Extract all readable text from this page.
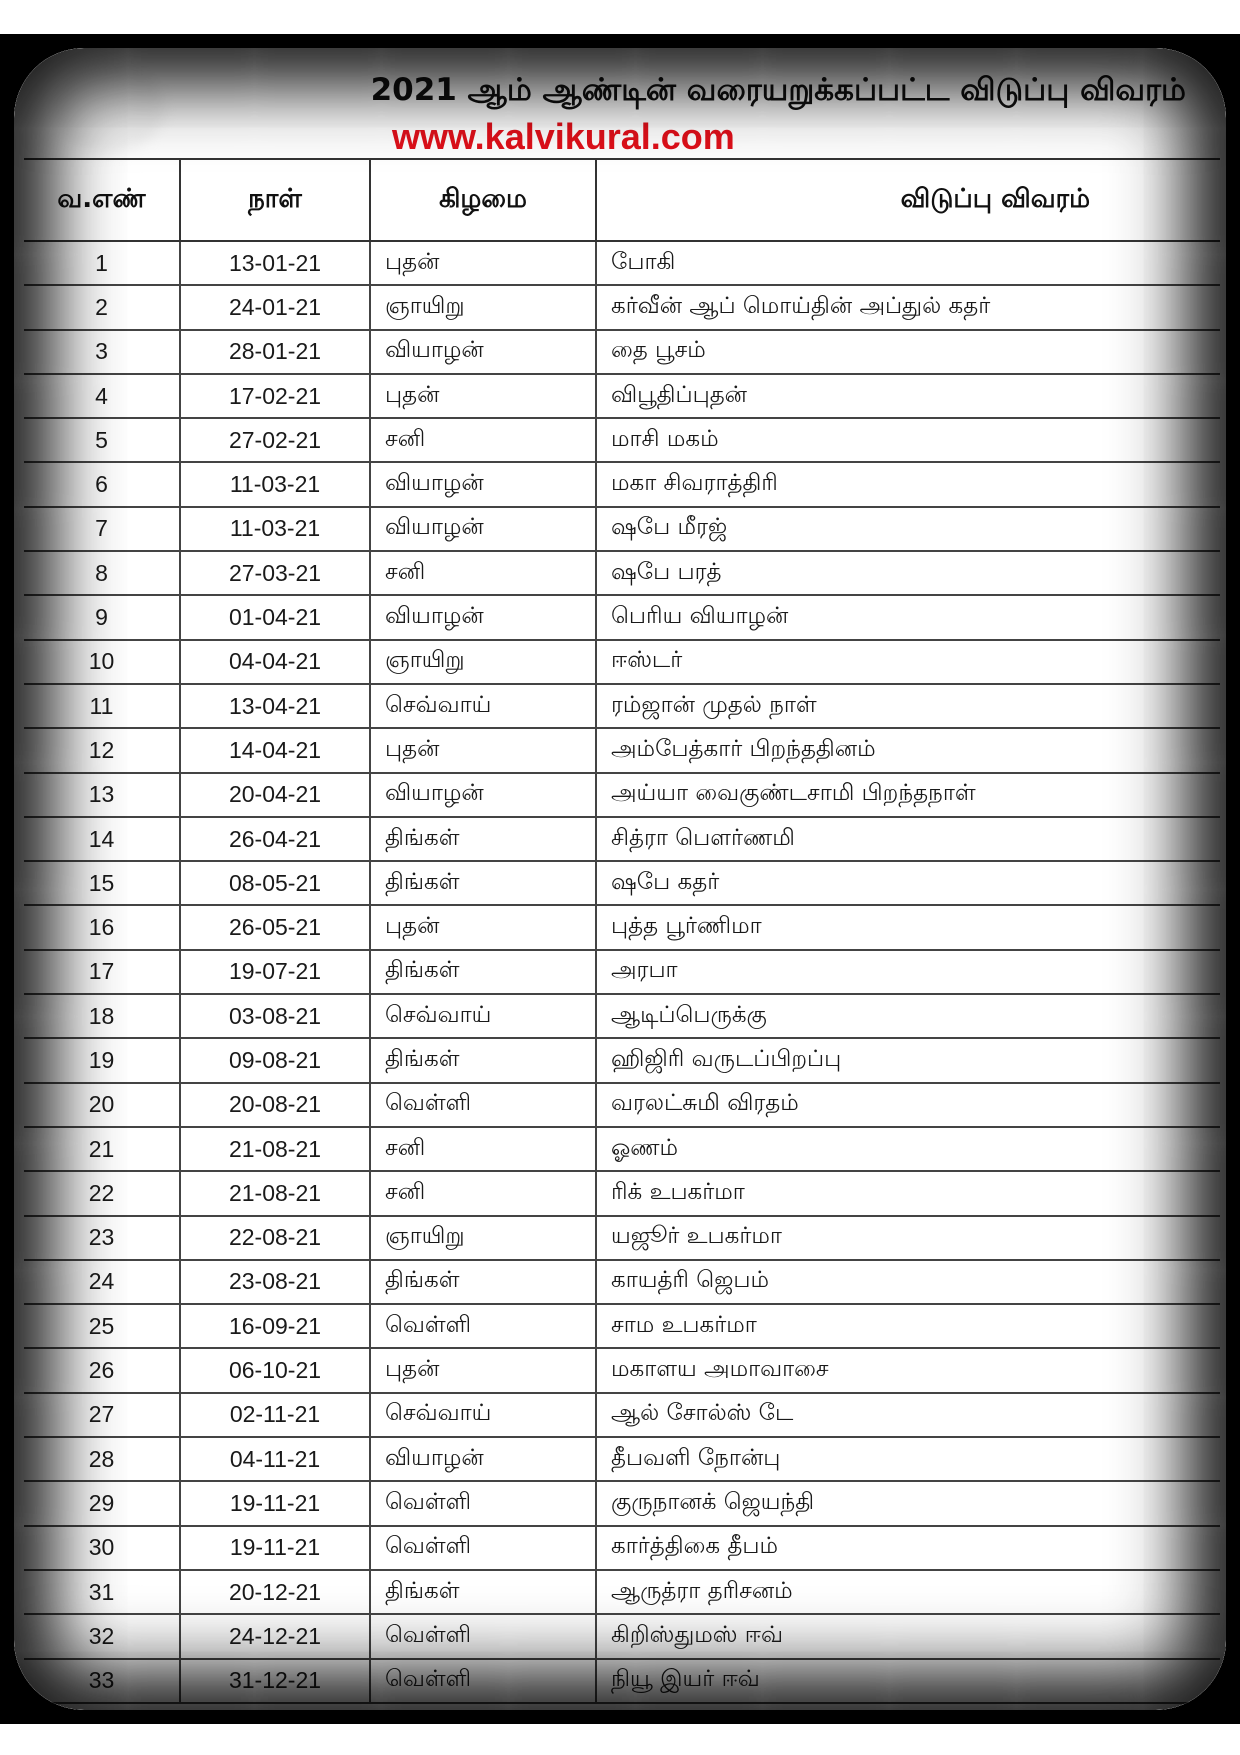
2021 ஆம் ஆண்டின் வரையறுக்கப்பட்ட விடுப்பு விவரம்
www.kalvikural.com
வ.எண்	நாள்	கிழமை	விடுப்பு விவரம்
1	13-01-21	புதன்	போகி
2	24-01-21	ஞாயிறு	கர்வீன் ஆப் மொய்தின் அப்துல் கதர்
3	28-01-21	வியாழன்	தை பூசம்
4	17-02-21	புதன்	விபூதிப்புதன்
5	27-02-21	சனி	மாசி மகம்
6	11-03-21	வியாழன்	மகா சிவராத்திரி
7	11-03-21	வியாழன்	ஷபே மீரஜ்
8	27-03-21	சனி	ஷபே பரத்
9	01-04-21	வியாழன்	பெரிய வியாழன்
10	04-04-21	ஞாயிறு	ஈஸ்டர்
11	13-04-21	செவ்வாய்	ரம்ஜான் முதல் நாள்
12	14-04-21	புதன்	அம்பேத்கார் பிறந்ததினம்
13	20-04-21	வியாழன்	அய்யா வைகுண்டசாமி பிறந்தநாள்
14	26-04-21	திங்கள்	சித்ரா பௌர்ணமி
15	08-05-21	திங்கள்	ஷபே கதர்
16	26-05-21	புதன்	புத்த பூர்ணிமா
17	19-07-21	திங்கள்	அரபா
18	03-08-21	செவ்வாய்	ஆடிப்பெருக்கு
19	09-08-21	திங்கள்	ஹிஜிரி வருடப்பிறப்பு
20	20-08-21	வெள்ளி	வரலட்சுமி விரதம்
21	21-08-21	சனி	ஓணம்
22	21-08-21	சனி	ரிக் உபகர்மா
23	22-08-21	ஞாயிறு	யஜூர் உபகர்மா
24	23-08-21	திங்கள்	காயத்ரி ஜெபம்
25	16-09-21	வெள்ளி	சாம உபகர்மா
26	06-10-21	புதன்	மகாளய அமாவாசை
27	02-11-21	செவ்வாய்	ஆல் சோல்ஸ் டே
28	04-11-21	வியாழன்	தீபவளி நோன்பு
29	19-11-21	வெள்ளி	குருநானக் ஜெயந்தி
30	19-11-21	வெள்ளி	கார்த்திகை தீபம்
31	20-12-21	திங்கள்	ஆருத்ரா தரிசனம்
32	24-12-21	வெள்ளி	கிறிஸ்துமஸ் ஈவ்
33	31-12-21	வெள்ளி	நியூ இயர் ஈவ்
